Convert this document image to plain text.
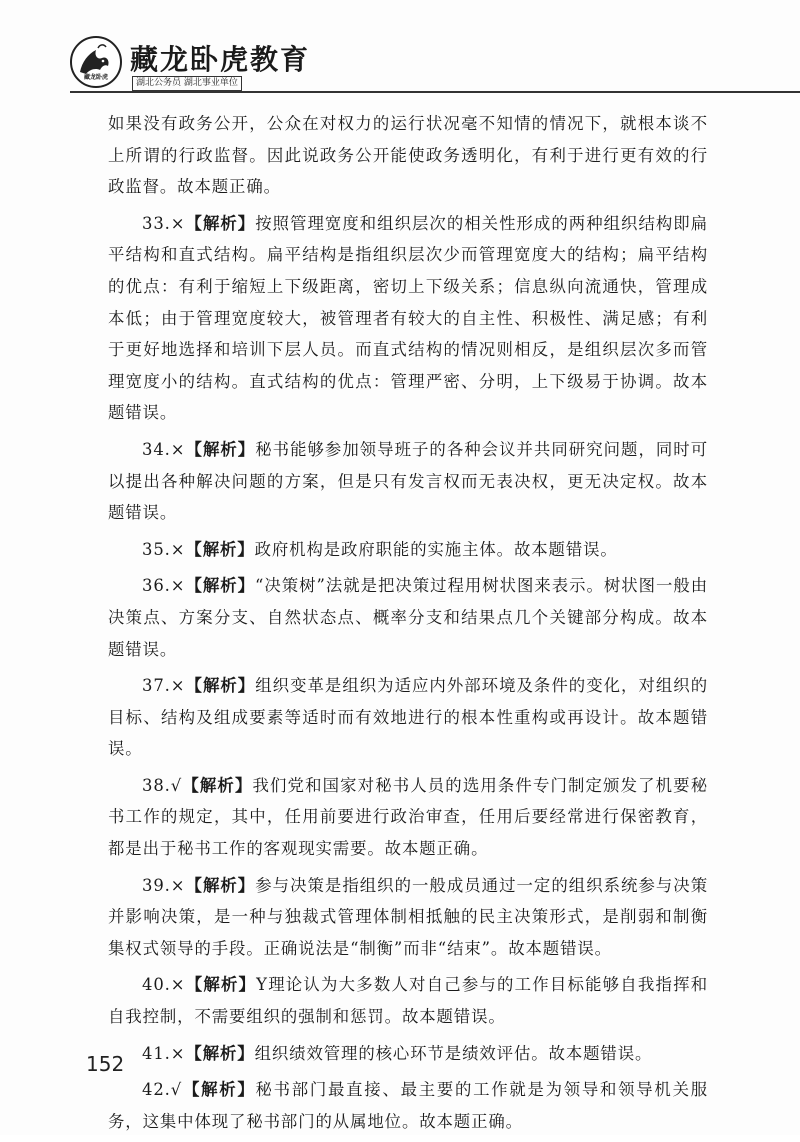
藏龙卧虎
藏龙卧虎教育
湖北公务员 湖北事业单位

如果没有政务公开，公众在对权力的运行状况毫不知情的情况下，就根本谈不上所谓的行政监督。因此说政务公开能使政务透明化，有利于进行更有效的行政监督。故本题正确。

33.×【解析】按照管理宽度和组织层次的相关性形成的两种组织结构即扁平结构和直式结构。扁平结构是指组织层次少而管理宽度大的结构；扁平结构的优点：有利于缩短上下级距离，密切上下级关系；信息纵向流通快，管理成本低；由于管理宽度较大，被管理者有较大的自主性、积极性、满足感；有利于更好地选择和培训下层人员。而直式结构的情况则相反，是组织层次多而管理宽度小的结构。直式结构的优点：管理严密、分明，上下级易于协调。故本题错误。

34.×【解析】秘书能够参加领导班子的各种会议并共同研究问题，同时可以提出各种解决问题的方案，但是只有发言权而无表决权，更无决定权。故本题错误。

35.×【解析】政府机构是政府职能的实施主体。故本题错误。

36.×【解析】“决策树”法就是把决策过程用树状图来表示。树状图一般由决策点、方案分支、自然状态点、概率分支和结果点几个关键部分构成。故本题错误。

37.×【解析】组织变革是组织为适应内外部环境及条件的变化，对组织的目标、结构及组成要素等适时而有效地进行的根本性重构或再设计。故本题错误。

38.√【解析】我们党和国家对秘书人员的选用条件专门制定颁发了机要秘书工作的规定，其中，任用前要进行政治审查，任用后要经常进行保密教育，都是出于秘书工作的客观现实需要。故本题正确。

39.×【解析】参与决策是指组织的一般成员通过一定的组织系统参与决策并影响决策，是一种与独裁式管理体制相抵触的民主决策形式，是削弱和制衡集权式领导的手段。正确说法是“制衡”而非“结束”。故本题错误。

40.×【解析】Y理论认为大多数人对自己参与的工作目标能够自我指挥和自我控制，不需要组织的强制和惩罚。故本题错误。

41.×【解析】组织绩效管理的核心环节是绩效评估。故本题错误。

42.√【解析】秘书部门最直接、最主要的工作就是为领导和领导机关服务，这集中体现了秘书部门的从属地位。故本题正确。

152
